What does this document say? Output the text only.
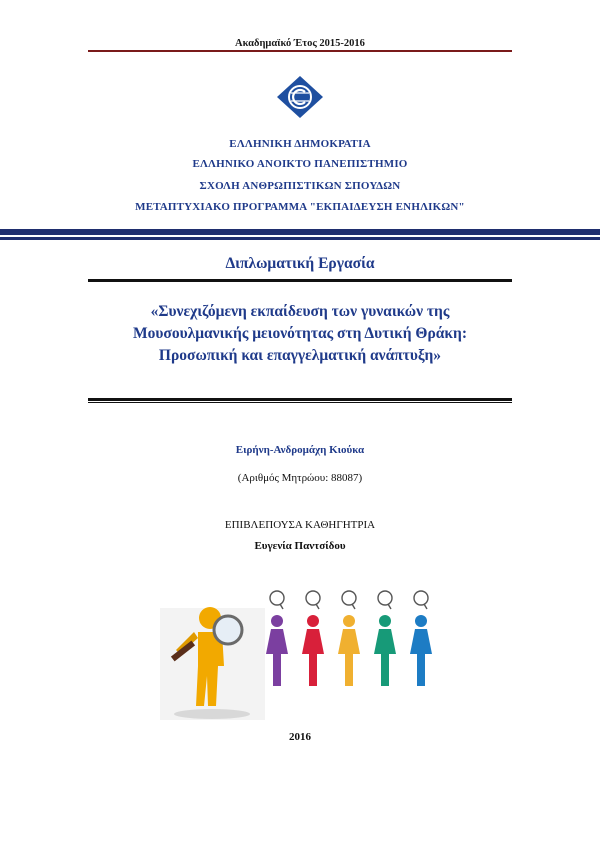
Ακαδημαϊκό Έτος 2015-2016
ΕΛΛΗΝΙΚΗ ΔΗΜΟΚΡΑΤΙΑ
ΕΛΛΗΝΙΚΟ ΑΝΟΙΚΤΟ ΠΑΝΕΠΙΣΤΗΜΙΟ
ΣΧΟΛΗ ΑΝΘΡΩΠΙΣΤΙΚΩΝ ΣΠΟΥΔΩΝ
ΜΕΤΑΠΤΥΧΙΑΚΟ ΠΡΟΓΡΑΜΜΑ "ΕΚΠΑΙΔΕΥΣΗ ΕΝΗΛΙΚΩΝ"
Διπλωματική Εργασία
«Συνεχιζόμενη εκπαίδευση των γυναικών της
Μουσουλμανικής μειονότητας στη Δυτική Θράκη:
Προσωπική και επαγγελματική ανάπτυξη»
Ειρήνη-Ανδρομάχη Κιούκα
(Αριθμός Μητρώου: 88087)
ΕΠΙΒΛΕΠΟΥΣΑ ΚΑΘΗΓΗΤΡΙΑ
Ευγενία Παντσίδου
2016
